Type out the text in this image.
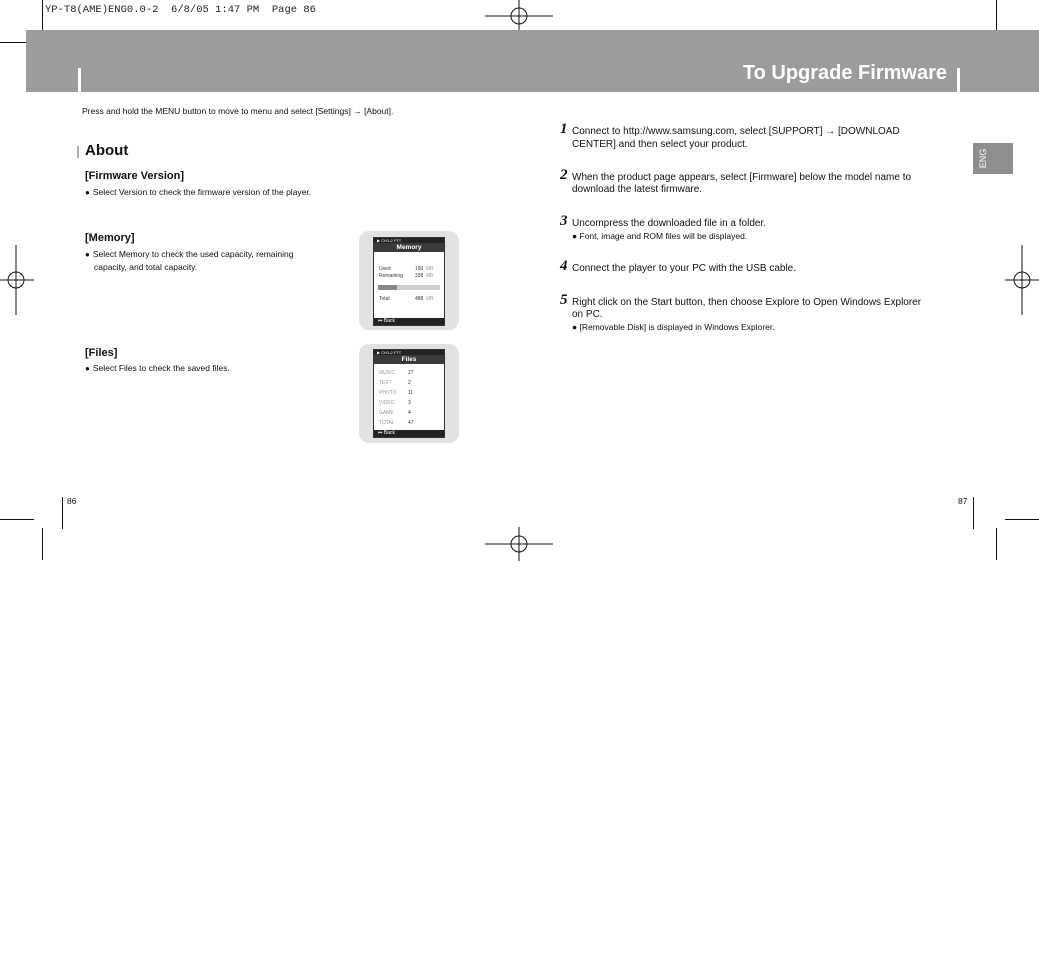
YP-T8(AME)ENG0.0-2  6/8/05 1:47 PM  Page 86
To Upgrade Firmware
Press and hold the MENU button to move to menu and select [Settings] → [About].
About
[Firmware Version]
● Select Version to check the firmware version of the player.
[Memory]
● Select Memory to check the used capacity, remaining
capacity, and total capacity.
[Files]
● Select Files to check the saved files.
▶ CH1-2 FTT
Memory
Used	150 MB
Remaining 338 MB
Total	488 MB
⏮ Back
▶ CH1-2 FTT
Files
MUSIC	27
TEXT	2
PHOTO 11
VIDEO	3
GAME	4
TOTAL	47
⏮ Back
1 Connect to http://www.samsung.com, select [SUPPORT] → [DOWNLOAD
CENTER] and then select your product.
2 When the product page appears, select [Firmware] below the model name to
download the latest firmware.
3 Uncompress the downloaded file in a folder.
● Font, image and ROM files will be displayed.
4 Connect the player to your PC with the USB cable.
5 Right click on the Start button, then choose Explore to Open Windows Explorer
on PC.
● [Removable Disk] is displayed in Windows Explorer.
ENG
86	87
